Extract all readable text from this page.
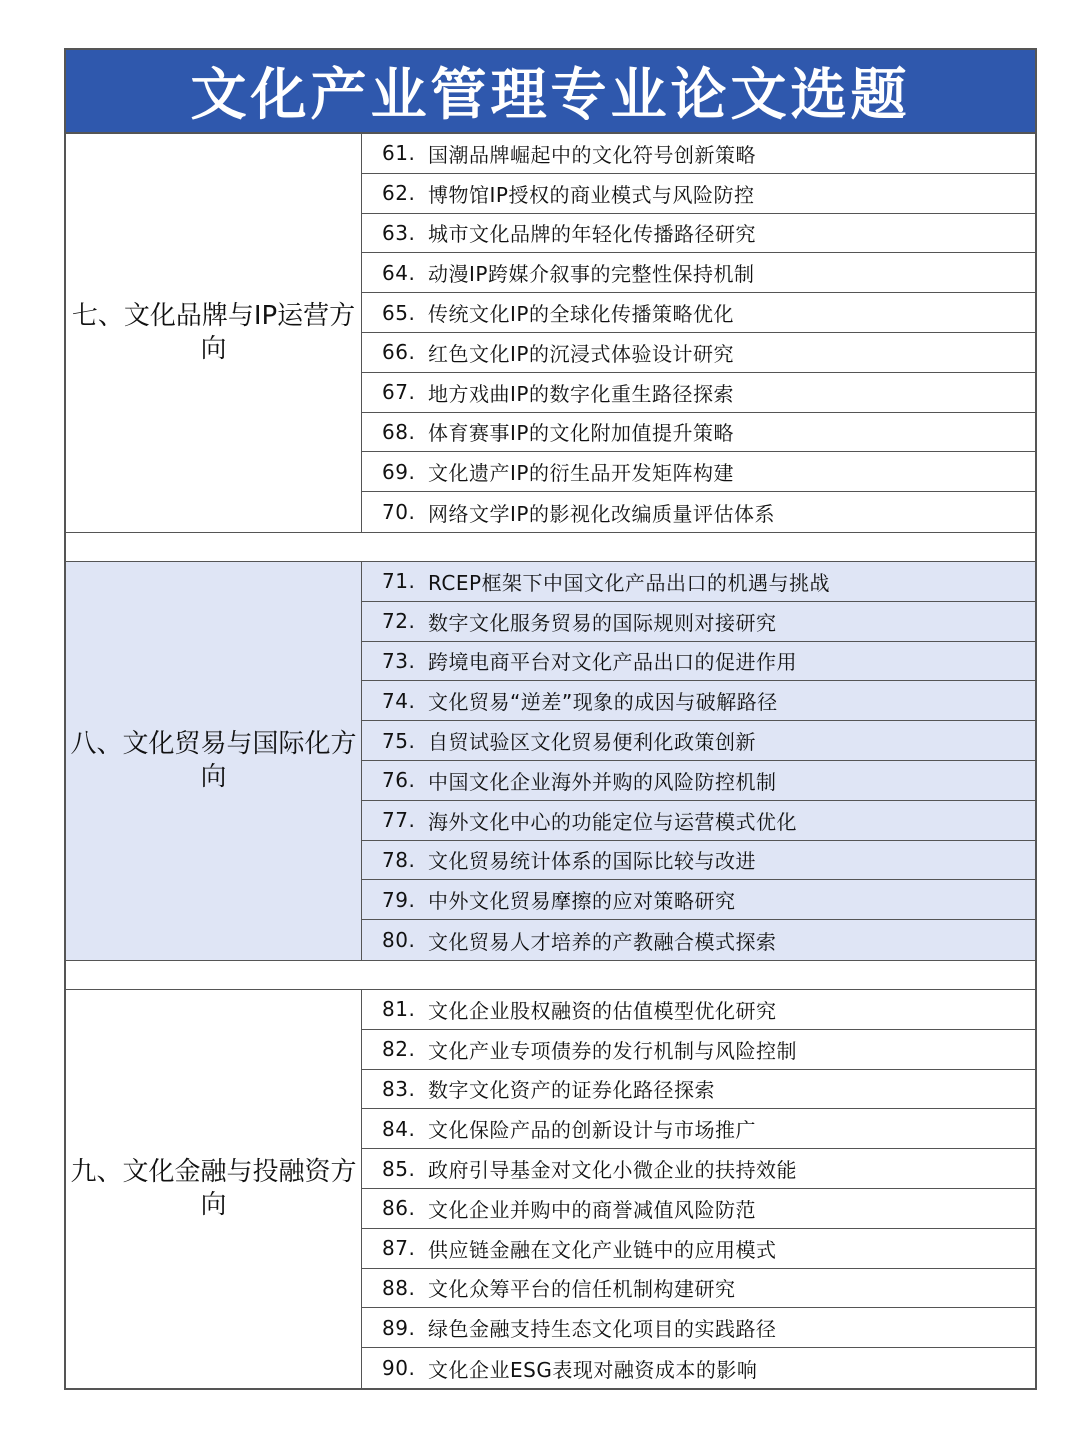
文化产业管理专业论文选题
七、文化品牌与IP运营方向
61. 国潮品牌崛起中的文化符号创新策略
62. 博物馆IP授权的商业模式与风险防控
63. 城市文化品牌的年轻化传播路径研究
64. 动漫IP跨媒介叙事的完整性保持机制
65. 传统文化IP的全球化传播策略优化
66. 红色文化IP的沉浸式体验设计研究
67. 地方戏曲IP的数字化重生路径探索
68. 体育赛事IP的文化附加值提升策略
69. 文化遗产IP的衍生品开发矩阵构建
70. 网络文学IP的影视化改编质量评估体系
八、文化贸易与国际化方向
71. RCEP框架下中国文化产品出口的机遇与挑战
72. 数字文化服务贸易的国际规则对接研究
73. 跨境电商平台对文化产品出口的促进作用
74. 文化贸易“逆差”现象的成因与破解路径
75. 自贸试验区文化贸易便利化政策创新
76. 中国文化企业海外并购的风险防控机制
77. 海外文化中心的功能定位与运营模式优化
78. 文化贸易统计体系的国际比较与改进
79. 中外文化贸易摩擦的应对策略研究
80. 文化贸易人才培养的产教融合模式探索
九、文化金融与投融资方向
81. 文化企业股权融资的估值模型优化研究
82. 文化产业专项债券的发行机制与风险控制
83. 数字文化资产的证券化路径探索
84. 文化保险产品的创新设计与市场推广
85. 政府引导基金对文化小微企业的扶持效能
86. 文化企业并购中的商誉减值风险防范
87. 供应链金融在文化产业链中的应用模式
88. 文化众筹平台的信任机制构建研究
89. 绿色金融支持生态文化项目的实践路径
90. 文化企业ESG表现对融资成本的影响
